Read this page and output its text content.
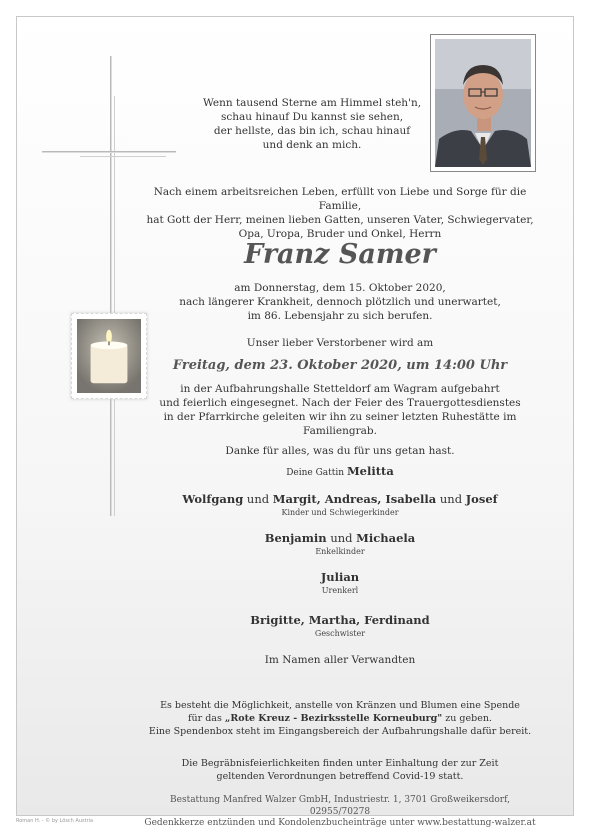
Wenn tausend Sterne am Himmel steh'n,
schau hinauf Du kannst sie sehen,
der hellste, das bin ich, schau hinauf
und denk an mich.
Nach einem arbeitsreichen Leben, erfüllt von Liebe und Sorge für die Familie,
hat Gott der Herr, meinen lieben Gatten, unseren Vater, Schwiegervater,
Opa, Uropa, Bruder und Onkel, Herrn
Franz Samer
am Donnerstag, dem 15. Oktober 2020,
nach längerer Krankheit, dennoch plötzlich und unerwartet,
im 86. Lebensjahr zu sich berufen.
Unser lieber Verstorbener wird am
Freitag, dem 23. Oktober 2020, um 14:00 Uhr
in der Aufbahrungshalle Stetteldorf am Wagram aufgebahrt
und feierlich eingesegnet. Nach der Feier des Trauergottesdienstes
in der Pfarrkirche geleiten wir ihn zu seiner letzten Ruhestätte im Familiengrab.
Danke für alles, was du für uns getan hast.
Deine Gattin Melitta
Wolfgang und Margit, Andreas, Isabella und Josef
Kinder und Schwiegerkinder
Benjamin und Michaela
Enkelkinder
Julian
Urenkerl
Brigitte, Martha, Ferdinand
Geschwister
Im Namen aller Verwandten
Es besteht die Möglichkeit, anstelle von Kränzen und Blumen eine Spende
für das „Rote Kreuz - Bezirksstelle Korneuburg" zu geben.
Eine Spendenbox steht im Eingangsbereich der Aufbahrungshalle dafür bereit.
Die Begräbnisfeierlichkeiten finden unter Einhaltung der zur Zeit
geltenden Verordnungen betreffend Covid-19 statt.
Bestattung Manfred Walzer GmbH, Industriestr. 1, 3701 Großweikersdorf, 02955/70278
Gedenkkerze entzünden und Kondolenzbucheinträge unter www.bestattung-walzer.at
Roman H. - © by Lösch Austria
